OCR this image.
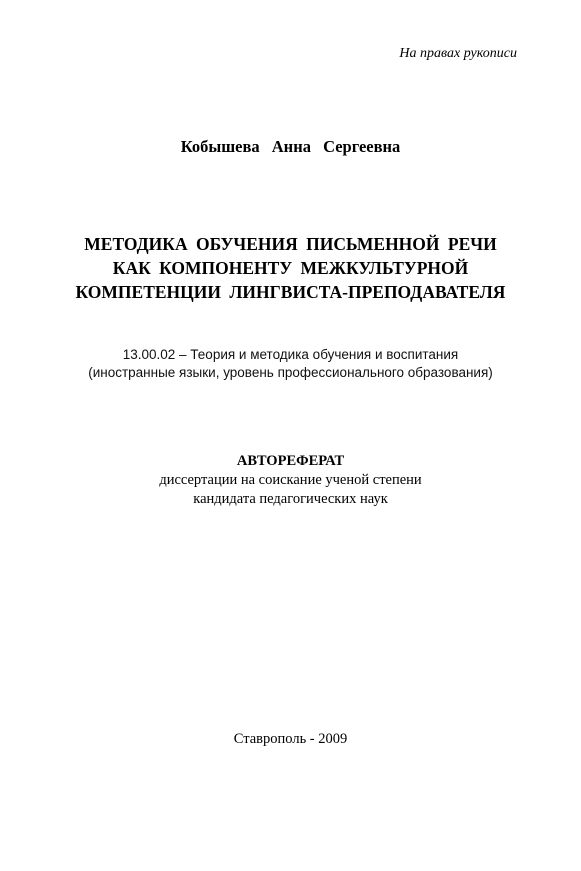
На правах рукописи

Кобышева Анна Сергеевна

МЕТОДИКА ОБУЧЕНИЯ ПИСЬМЕННОЙ РЕЧИ
КАК КОМПОНЕНТУ МЕЖКУЛЬТУРНОЙ
КОМПЕТЕНЦИИ ЛИНГВИСТА-ПРЕПОДАВАТЕЛЯ

13.00.02 – Теория и методика обучения и воспитания
(иностранные языки, уровень профессионального образования)

АВТОРЕФЕРАТ
диссертации на соискание ученой степени
кандидата педагогических наук

Ставрополь - 2009
